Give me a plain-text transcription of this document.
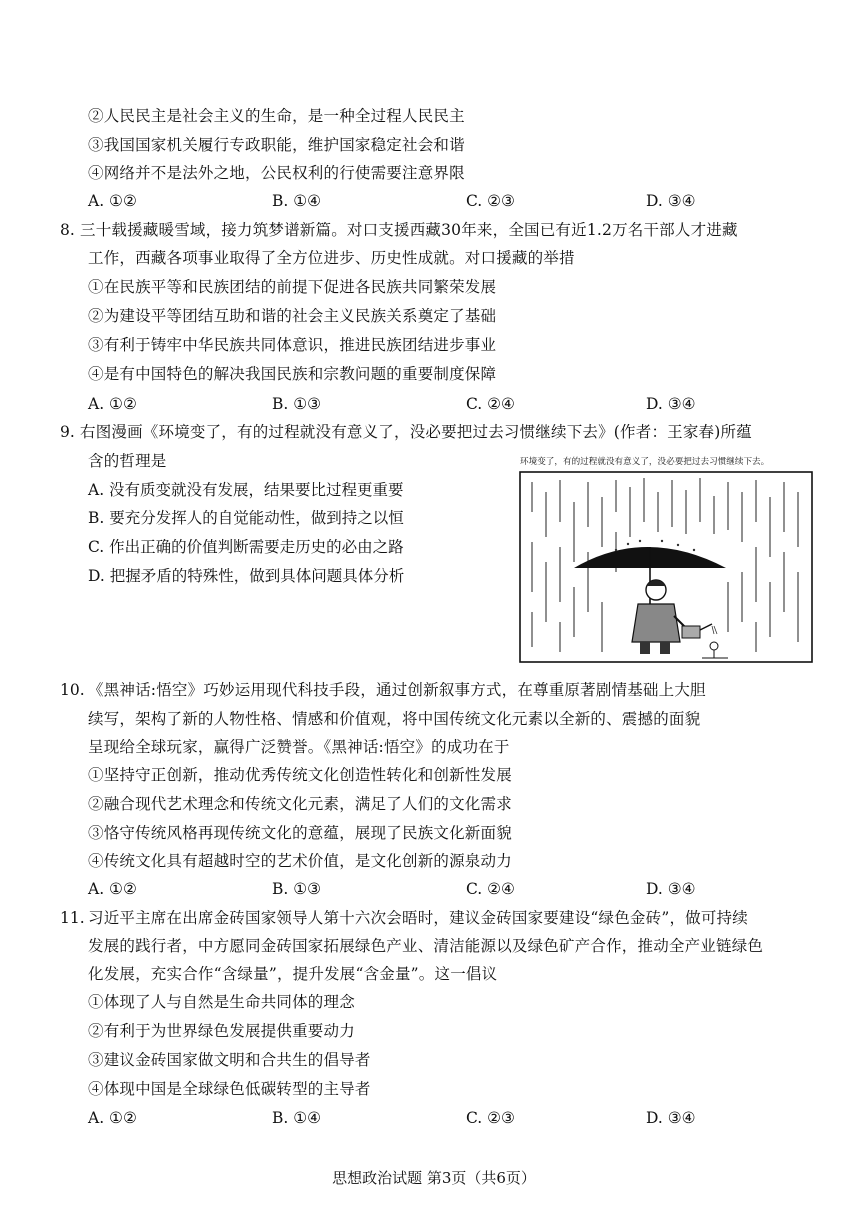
②人民民主是社会主义的生命，是一种全过程人民民主
③我国国家机关履行专政职能，维护国家稳定社会和谐
④网络并不是法外之地，公民权利的行使需要注意界限
A. ①②	B. ①④	C. ②③	D. ③④
8. 三十载援藏暖雪域，接力筑梦谱新篇。对口支援西藏30年来，全国已有近1.2万名干部人才进藏
工作，西藏各项事业取得了全方位进步、历史性成就。对口援藏的举措
①在民族平等和民族团结的前提下促进各民族共同繁荣发展
②为建设平等团结互助和谐的社会主义民族关系奠定了基础
③有利于铸牢中华民族共同体意识，推进民族团结进步事业
④是有中国特色的解决我国民族和宗教问题的重要制度保障
A. ①②	B. ①③	C. ②④	D. ③④
9. 右图漫画《环境变了，有的过程就没有意义了，没必要把过去习惯继续下去》(作者：王家春)所蕴
含的哲理是
A. 没有质变就没有发展，结果要比过程更重要
B. 要充分发挥人的自觉能动性，做到持之以恒
C. 作出正确的价值判断需要走历史的必由之路
D. 把握矛盾的特殊性，做到具体问题具体分析
环境变了，有的过程就没有意义了，没必要把过去习惯继续下去。
10. 《黑神话:悟空》巧妙运用现代科技手段，通过创新叙事方式，在尊重原著剧情基础上大胆
续写，架构了新的人物性格、情感和价值观，将中国传统文化元素以全新的、震撼的面貌
呈现给全球玩家，赢得广泛赞誉。《黑神话:悟空》的成功在于
①坚持守正创新，推动优秀传统文化创造性转化和创新性发展
②融合现代艺术理念和传统文化元素，满足了人们的文化需求
③恪守传统风格再现传统文化的意蕴，展现了民族文化新面貌
④传统文化具有超越时空的艺术价值，是文化创新的源泉动力
A. ①②	B. ①③	C. ②④	D. ③④
11. 习近平主席在出席金砖国家领导人第十六次会晤时，建议金砖国家要建设“绿色金砖”，做可持续
发展的践行者，中方愿同金砖国家拓展绿色产业、清洁能源以及绿色矿产合作，推动全产业链绿色
化发展，充实合作“含绿量”，提升发展“含金量”。这一倡议
①体现了人与自然是生命共同体的理念
②有利于为世界绿色发展提供重要动力
③建议金砖国家做文明和合共生的倡导者
④体现中国是全球绿色低碳转型的主导者
A. ①②	B. ①④	C. ②③	D. ③④
思想政治试题 第3页（共6页）
